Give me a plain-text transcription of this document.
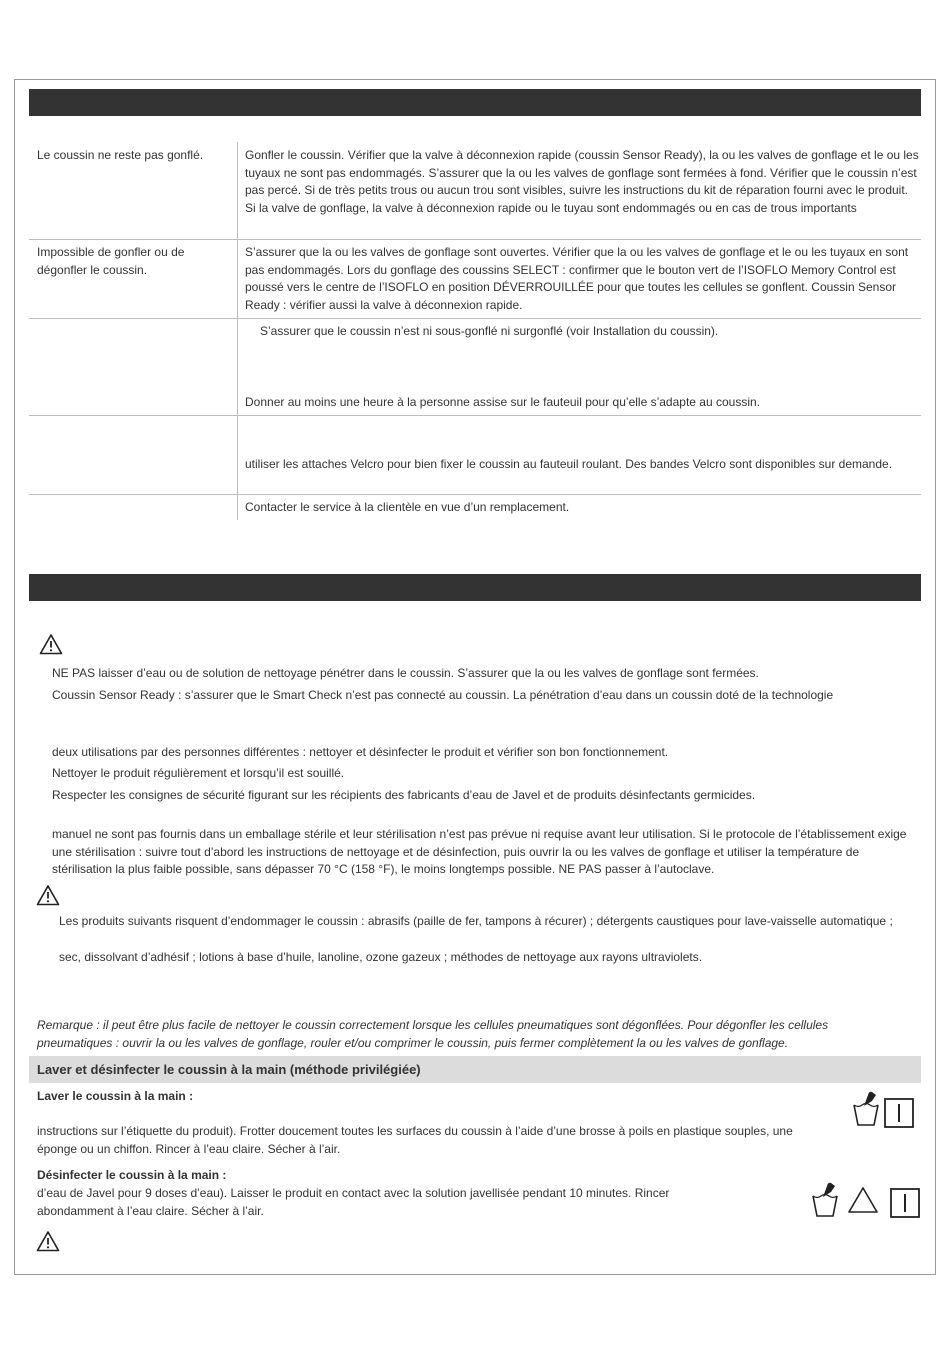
Le coussin ne reste pas gonflé.	Gonfler le coussin. Vérifier que la valve à déconnexion rapide (coussin Sensor Ready), la ou les valves de gonflage et le ou les tuyaux ne sont pas endommagés. S’assurer que la ou les valves de gonflage sont fermées à fond. Vérifier que le coussin n’est pas percé. Si de très petits trous ou aucun trou sont visibles, suivre les instructions du kit de réparation fourni avec le produit. Si la valve de gonflage, la valve à déconnexion rapide ou le tuyau sont endommagés ou en cas de trous importants

Impossible de gonfler ou de dégonfler le coussin.

S’assurer que la ou les valves de gonflage sont ouvertes. Vérifier que la ou les valves de gonflage et le ou les tuyaux en sont pas endommagés. Lors du gonflage des coussins SELECT : confirmer que le bouton vert de l’ISOFLO Memory Control est poussé vers le centre de l’ISOFLO en position DÉVERROUILLÉE pour que toutes les cellules se gonflent. Coussin Sensor Ready : vérifier aussi la valve à déconnexion rapide.

S’assurer que le coussin n’est ni sous-gonflé ni surgonflé (voir Installation du coussin).

Donner au moins une heure à la personne assise sur le fauteuil pour qu’elle s’adapte au coussin.

utiliser les attaches Velcro pour bien fixer le coussin au fauteuil roulant. Des bandes Velcro sont disponibles sur demande.

Contacter le service à la clientèle en vue d’un remplacement.

NE PAS laisser d’eau ou de solution de nettoyage pénétrer dans le coussin. S’assurer que la ou les valves de gonflage sont fermées.

Coussin Sensor Ready : s’assurer que le Smart Check n’est pas connecté au coussin. La pénétration d’eau dans un coussin doté de la technologie

deux utilisations par des personnes différentes : nettoyer et désinfecter le produit et vérifier son bon fonctionnement.

Nettoyer le produit régulièrement et lorsqu’il est souillé.

Respecter les consignes de sécurité figurant sur les récipients des fabricants d’eau de Javel et de produits désinfectants germicides.

manuel ne sont pas fournis dans un emballage stérile et leur stérilisation n’est pas prévue ni requise avant leur utilisation. Si le protocole de l’établissement exige une stérilisation : suivre tout d’abord les instructions de nettoyage et de désinfection, puis ouvrir la ou les valves de gonflage et utiliser la température de stérilisation la plus faible possible, sans dépasser 70 °C (158 °F), le moins longtemps possible. NE PAS passer à l’autoclave.

Les produits suivants risquent d’endommager le coussin : abrasifs (paille de fer, tampons à récurer) ; détergents caustiques pour lave-vaisselle automatique ;

sec, dissolvant d’adhésif ; lotions à base d’huile, lanoline, ozone gazeux ; méthodes de nettoyage aux rayons ultraviolets.

Remarque : il peut être plus facile de nettoyer le coussin correctement lorsque les cellules pneumatiques sont dégonflées. Pour dégonfler les cellules pneumatiques : ouvrir la ou les valves de gonflage, rouler et/ou comprimer le coussin, puis fermer complètement la ou les valves de gonflage.

Laver et désinfecter le coussin à la main (méthode privilégiée)

Laver le coussin à la main :

instructions sur l’étiquette du produit). Frotter doucement toutes les surfaces du coussin à l’aide d’une brosse à poils en plastique souples, une éponge ou un chiffon. Rincer à l’eau claire. Sécher à l’air.

Désinfecter le coussin à la main :

d’eau de Javel pour 9 doses d’eau). Laisser le produit en contact avec la solution javellisée pendant 10 minutes. Rincer abondamment à l’eau claire. Sécher à l’air.
